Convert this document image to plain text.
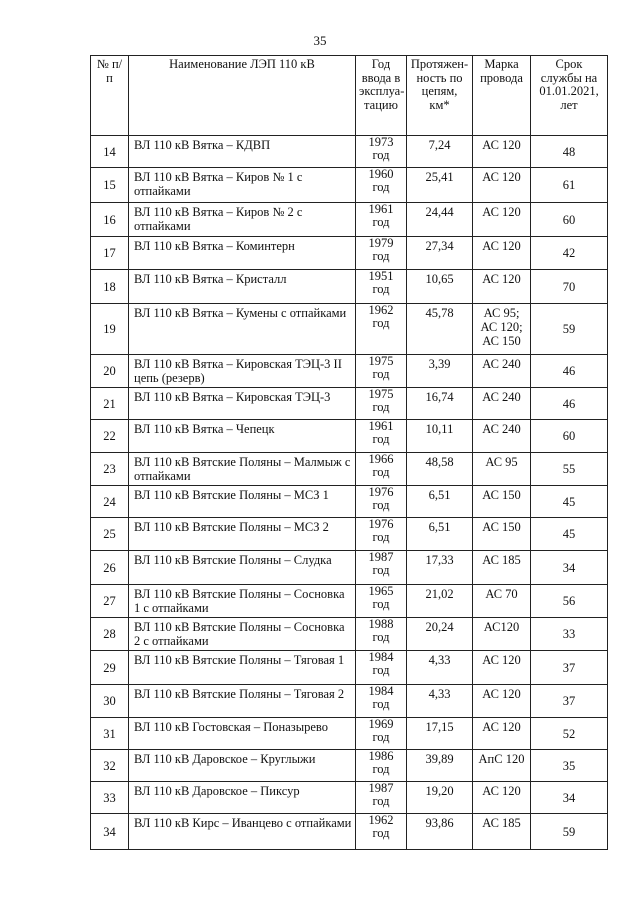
35
№ п/п	Наименование ЛЭП 110 кВ	Год ввода в эксплуа-тацию	Протяжен-ность по цепям, км*	Марка провода	Срок службы на 01.01.2021, лет
14	ВЛ 110 кВ Вятка – КДВП	1973 год	7,24	АС 120	48
15	ВЛ 110 кВ Вятка – Киров № 1 с отпайками	1960 год	25,41	АС 120	61
16	ВЛ 110 кВ Вятка – Киров № 2 с отпайками	1961 год	24,44	АС 120	60
17	ВЛ 110 кВ Вятка – Коминтерн	1979 год	27,34	АС 120	42
18	ВЛ 110 кВ Вятка – Кристалл	1951 год	10,65	АС 120	70
19	ВЛ 110 кВ Вятка – Кумены с отпайками	1962 год	45,78	АС 95; АС 120; АС 150	59
20	ВЛ 110 кВ Вятка – Кировская ТЭЦ-3 II цепь (резерв)	1975 год	3,39	АС 240	46
21	ВЛ 110 кВ Вятка – Кировская ТЭЦ-3	1975 год	16,74	АС 240	46
22	ВЛ 110 кВ Вятка – Чепецк	1961 год	10,11	АС 240	60
23	ВЛ 110 кВ Вятские Поляны – Малмыж с отпайками	1966 год	48,58	АС 95	55
24	ВЛ 110 кВ Вятские Поляны – МСЗ 1	1976 год	6,51	АС 150	45
25	ВЛ 110 кВ Вятские Поляны – МСЗ 2	1976 год	6,51	АС 150	45
26	ВЛ 110 кВ Вятские Поляны – Слудка	1987 год	17,33	АС 185	34
27	ВЛ 110 кВ Вятские Поляны – Сосновка 1 с отпайками	1965 год	21,02	АС 70	56
28	ВЛ 110 кВ Вятские Поляны – Сосновка 2 с отпайками	1988 год	20,24	АС120	33
29	ВЛ 110 кВ Вятские Поляны – Тяговая 1	1984 год	4,33	АС 120	37
30	ВЛ 110 кВ Вятские Поляны – Тяговая 2	1984 год	4,33	АС 120	37
31	ВЛ 110 кВ Гостовская – Поназырево	1969 год	17,15	АС 120	52
32	ВЛ 110 кВ Даровское – Круглыжи	1986 год	39,89	АпС 120	35
33	ВЛ 110 кВ Даровское – Пиксур	1987 год	19,20	АС 120	34
34	ВЛ 110 кВ Кирс – Иванцево с отпайками	1962 год	93,86	АС 185	59
